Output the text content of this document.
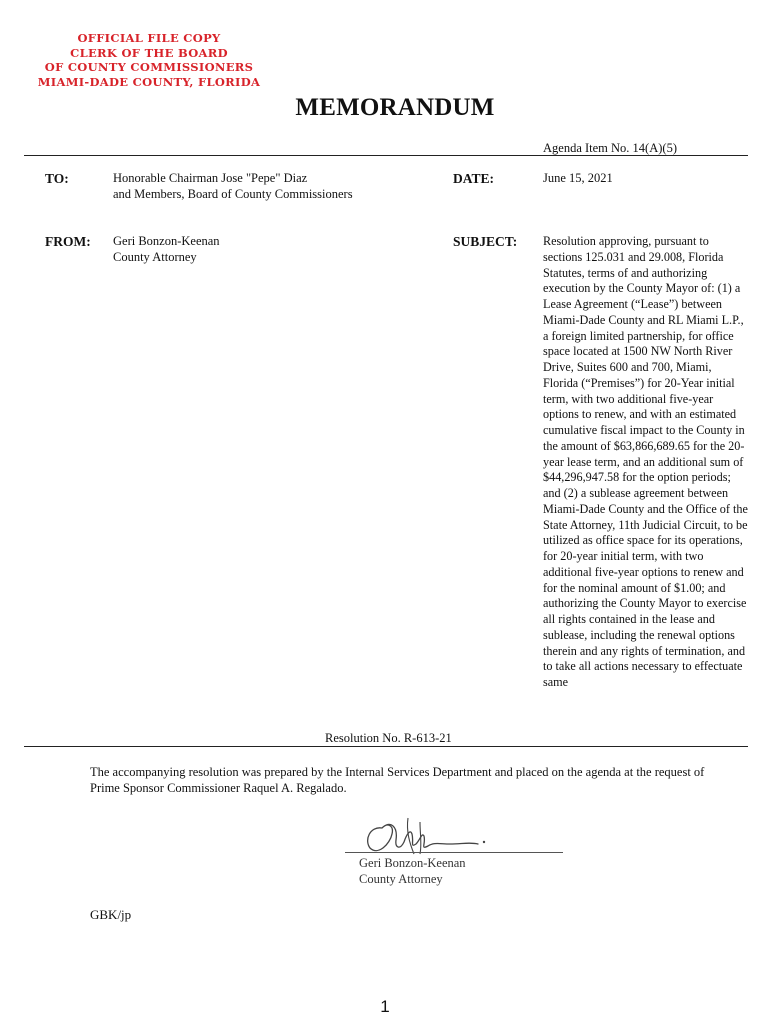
OFFICIAL FILE COPY
CLERK OF THE BOARD
OF COUNTY COMMISSIONERS
MIAMI-DADE COUNTY, FLORIDA
MEMORANDUM
Agenda Item No. 14(A)(5)
TO:	Honorable Chairman Jose "Pepe" Diaz
and Members, Board of County Commissioners
DATE:	June 15, 2021
FROM: Geri Bonzon-Keenan
County Attorney
SUBJECT: Resolution approving, pursuant to sections 125.031 and 29.008, Florida Statutes, terms of and authorizing execution by the County Mayor of: (1) a Lease Agreement (“Lease”) between Miami-Dade County and RL Miami L.P., a foreign limited partnership, for office space located at 1500 NW North River Drive, Suites 600 and 700, Miami, Florida (“Premises”) for 20-Year initial term, with two additional five-year options to renew, and with an estimated cumulative fiscal impact to the County in the amount of $63,866,689.65 for the 20-year lease term, and an additional sum of $44,296,947.58 for the option periods; and (2) a sublease agreement between Miami-Dade County and the Office of the State Attorney, 11th Judicial Circuit, to be utilized as office space for its operations, for 20-year initial term, with two additional five-year options to renew and for the nominal amount of $1.00; and authorizing the County Mayor to exercise all rights contained in the lease and sublease, including the renewal options therein and any rights of termination, and to take all actions necessary to effectuate same
Resolution No. R-613-21
The accompanying resolution was prepared by the Internal Services Department and placed on the agenda at the request of Prime Sponsor Commissioner Raquel A. Regalado.
Geri Bonzon-Keenan
County Attorney
GBK/jp
1
